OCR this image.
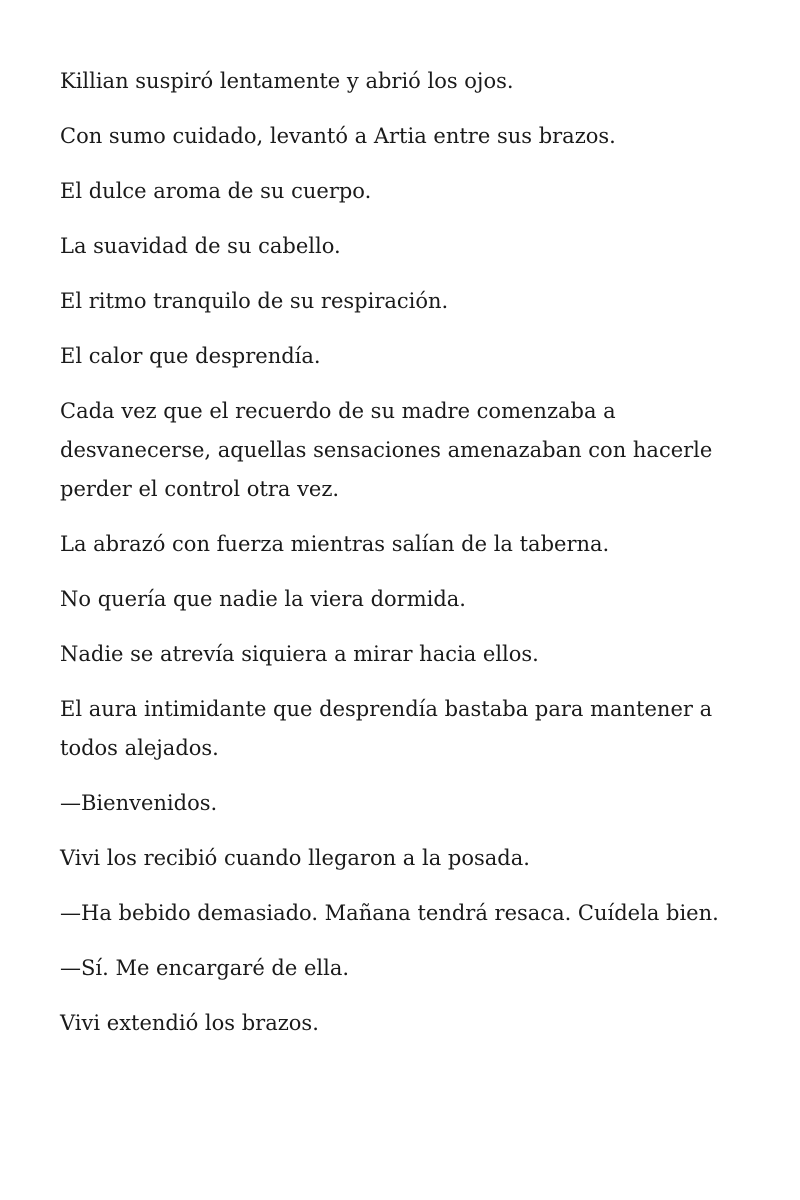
Killian suspiró lentamente y abrió los ojos.

Con sumo cuidado, levantó a Artia entre sus brazos.

El dulce aroma de su cuerpo.

La suavidad de su cabello.

El ritmo tranquilo de su respiración.

El calor que desprendía.

Cada vez que el recuerdo de su madre comenzaba a desvanecerse, aquellas sensaciones amenazaban con hacerle perder el control otra vez.

La abrazó con fuerza mientras salían de la taberna.

No quería que nadie la viera dormida.

Nadie se atrevía siquiera a mirar hacia ellos.

El aura intimidante que desprendía bastaba para mantener a todos alejados.

—Bienvenidos.

Vivi los recibió cuando llegaron a la posada.

—Ha bebido demasiado. Mañana tendrá resaca. Cuídela bien.

—Sí. Me encargaré de ella.

Vivi extendió los brazos.
